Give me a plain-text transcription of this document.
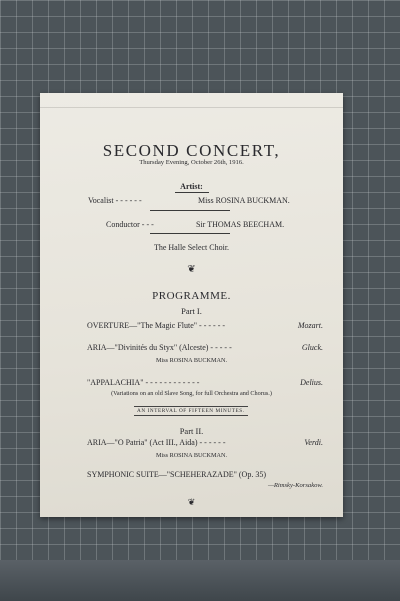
SECOND CONCERT,
Thursday Evening, October 26th, 1916.
Artist:
Vocalist - - - - - -	Miss ROSINA BUCKMAN.
Conductor - - -	Sir THOMAS BEECHAM.
The Halle Select Choir.
❦
PROGRAMME.
Part I.
OVERTURE—"The Magic Flute" - - - - - -	Mozart.
ARIA—"Divinités du Styx" (Alceste) - - - - -	Gluck.
Miss ROSINA BUCKMAN.
"APPALACHIA" - - - - - - - - - - - -	Delius.
(Variations on an old Slave Song, for full Orchestra and Chorus.)
AN INTERVAL OF FIFTEEN MINUTES.
Part II.
ARIA—"O Patria" (Act III., Aida) - - - - - -	Verdi.
Miss ROSINA BUCKMAN.
SYMPHONIC SUITE—"SCHEHERAZADE" (Op. 35)
—Rimsky-Korsakow.
❦
